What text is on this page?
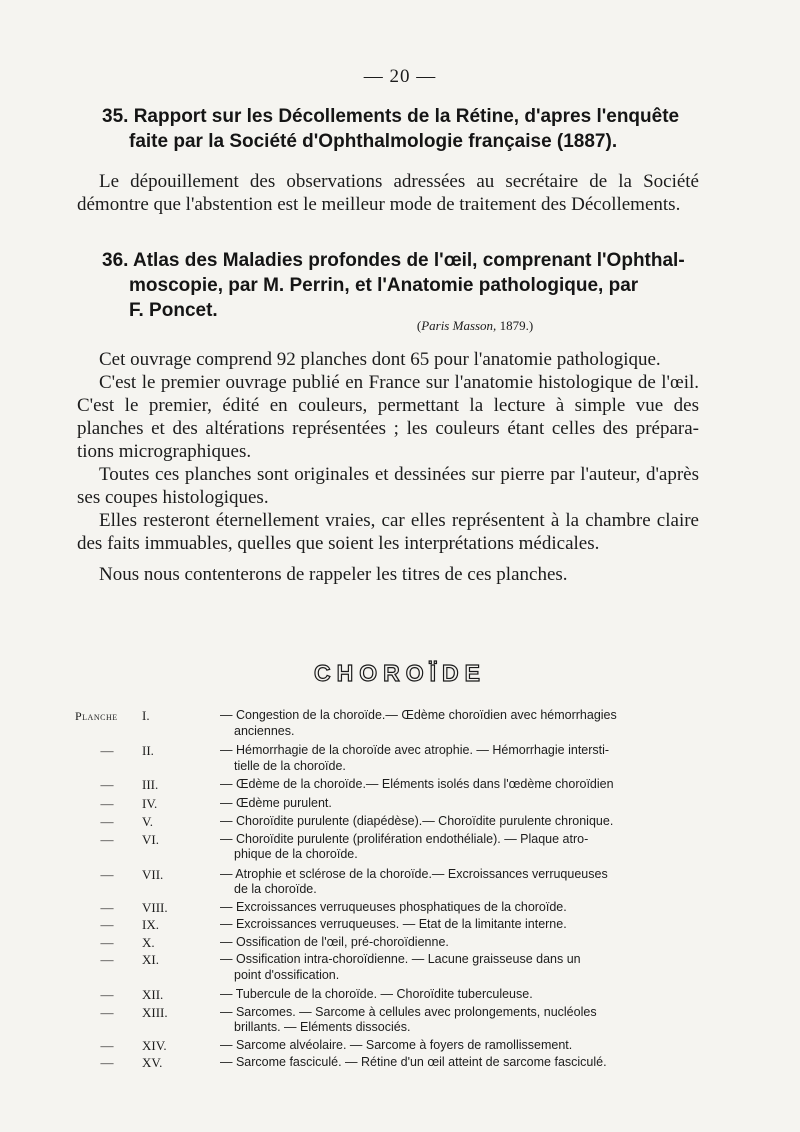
— 20 —
35. Rapport sur les Décollements de la Rétine, d'apres l'enquête
faite par la Société d'Ophthalmologie française (1887).
Le dépouillement des observations adressées au secrétaire de la Société
démontre que l'abstention est le meilleur mode de traitement des Décollements.
36. Atlas des Maladies profondes de l'œil, comprenant l'Ophthal-
moscopie, par M. Perrin, et l'Anatomie pathologique, par
F. Poncet.
(Paris Masson, 1879.)
Cet ouvrage comprend 92 planches dont 65 pour l'anatomie pathologique.
C'est le premier ouvrage publié en France sur l'anatomie histologique de l'œil.
C'est le premier, édité en couleurs, permettant la lecture à simple vue des
planches et des altérations représentées ; les couleurs étant celles des prépara-
tions micrographiques.
Toutes ces planches sont originales et dessinées sur pierre par l'auteur, d'après
ses coupes histologiques.
Elles resteront éternellement vraies, car elles représentent à la chambre claire
des faits immuables, quelles que soient les interprétations médicales.
Nous nous contenterons de rappeler les titres de ces planches.
CHOROÏDE
Planche	I.	— Congestion de la choroïde.— Œdème choroïdien avec hémorrhagies
anciennes.
— II.	— Hémorrhagie de la choroïde avec atrophie. — Hémorrhagie intersti-
tielle de la choroïde.
— III.	— Œdème de la choroïde.— Eléments isolés dans l'œdème choroïdien
— IV.	— Œdème purulent.
— V.	— Choroïdite purulente (diapédèse).— Choroïdite purulente chronique.
— VI.	— Choroïdite purulente (prolifération endothéliale). — Plaque atro-
phique de la choroïde.
— VII.	— Atrophie et sclérose de la choroïde.— Excroissances verruqueuses
de la choroïde.
— VIII.	— Excroissances verruqueuses phosphatiques de la choroïde.
— IX.	— Excroissances verruqueuses. — Etat de la limitante interne.
— X.	— Ossification de l'œil, pré-choroïdienne.
— XI.	— Ossification intra-choroïdienne. — Lacune graisseuse dans un
point d'ossification.
— XII.	— Tubercule de la choroïde. — Choroïdite tuberculeuse.
— XIII.	— Sarcomes. — Sarcome à cellules avec prolongements, nucléoles
brillants. — Eléments dissociés.
— XIV.	— Sarcome alvéolaire. — Sarcome à foyers de ramollissement.
— XV.	— Sarcome fasciculé. — Rétine d'un œil atteint de sarcome fasciculé.
